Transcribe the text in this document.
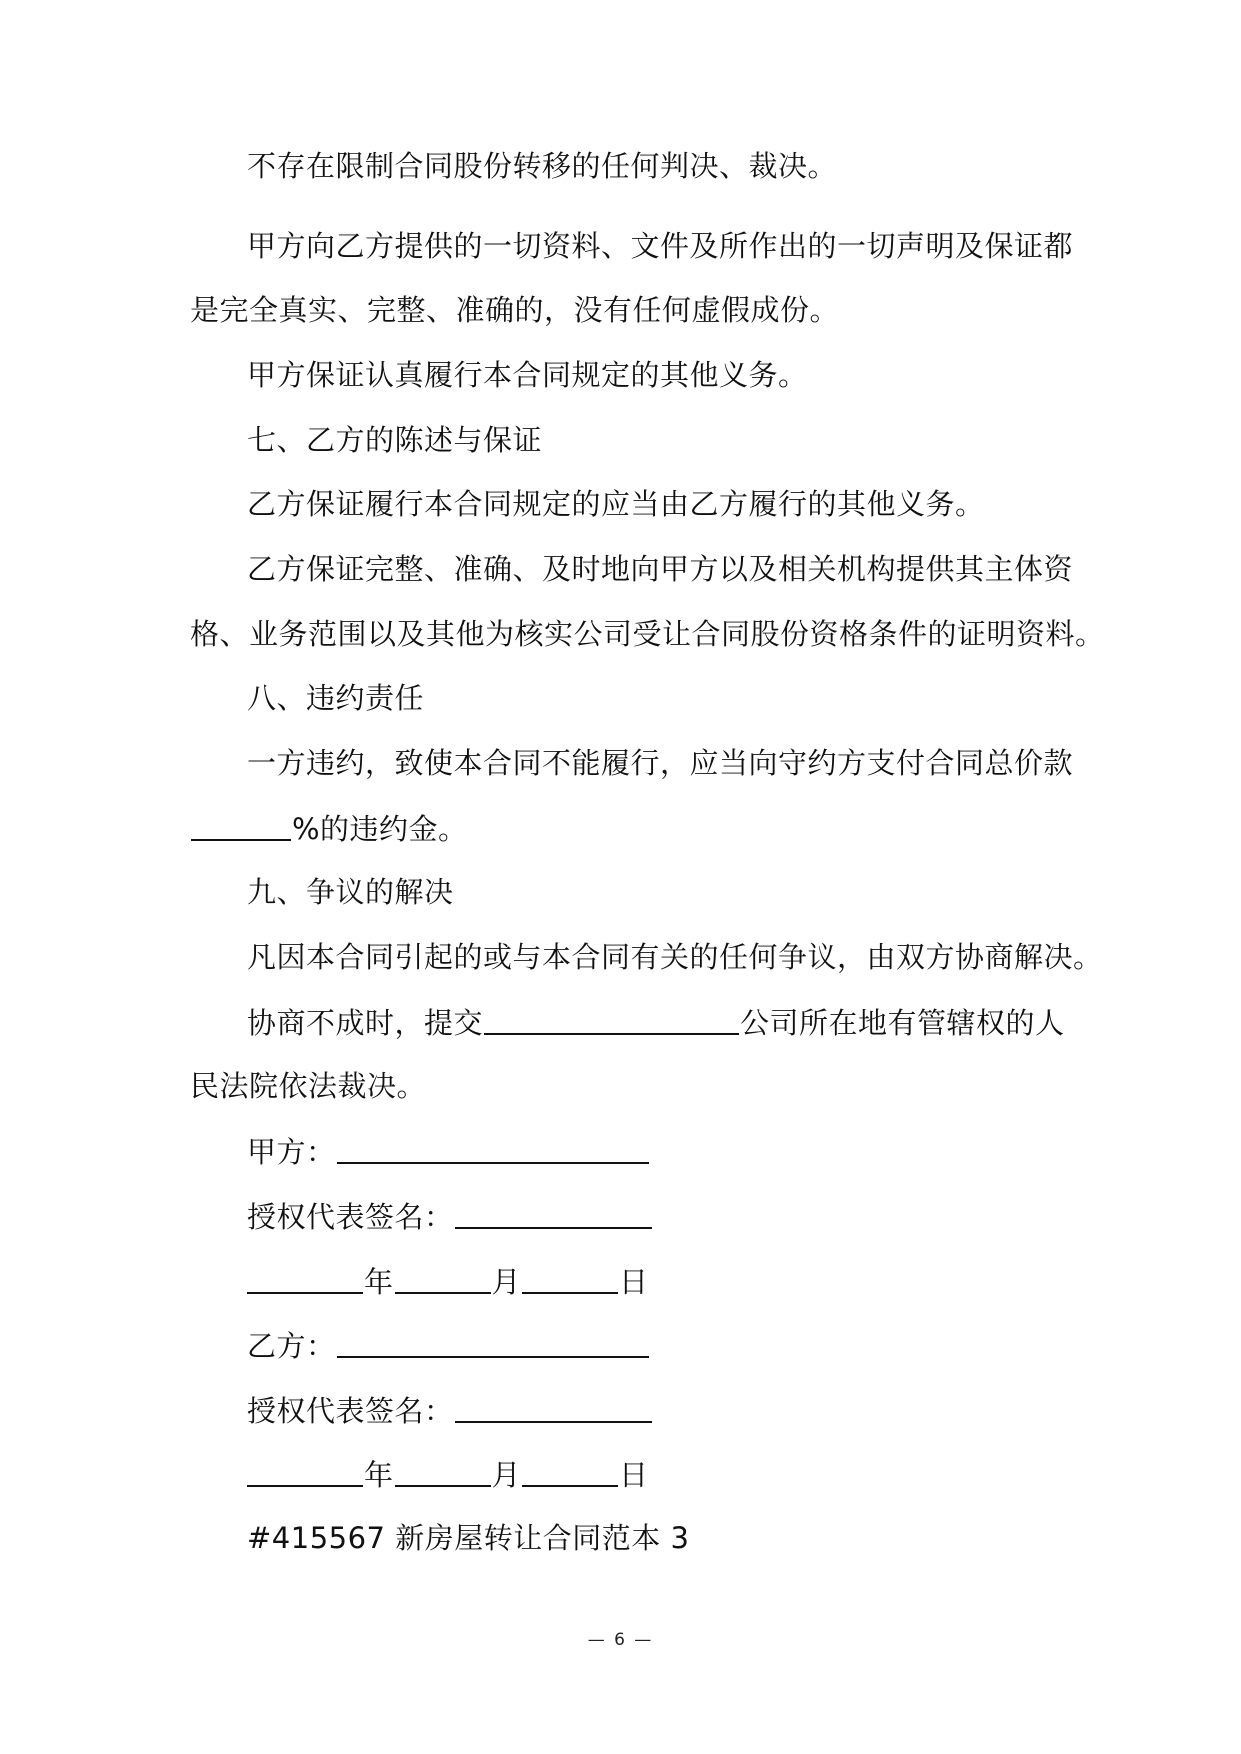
不存在限制合同股份转移的任何判决、裁决。
甲方向乙方提供的一切资料、文件及所作出的一切声明及保证都
是完全真实、完整、准确的，没有任何虚假成份。
甲方保证认真履行本合同规定的其他义务。
七、乙方的陈述与保证
乙方保证履行本合同规定的应当由乙方履行的其他义务。
乙方保证完整、准确、及时地向甲方以及相关机构提供其主体资
格、业务范围以及其他为核实公司受让合同股份资格条件的证明资料。
八、违约责任
一方违约，致使本合同不能履行，应当向守约方支付合同总价款
%的违约金。
九、争议的解决
凡因本合同引起的或与本合同有关的任何争议，由双方协商解决。
协商不成时，提交	公司所在地有管辖权的人
民法院依法裁决。
甲方：
授权代表签名：
年	月	日
乙方：
授权代表签名：
年	月	日
#415567 新房屋转让合同范本 3
— 6 —
